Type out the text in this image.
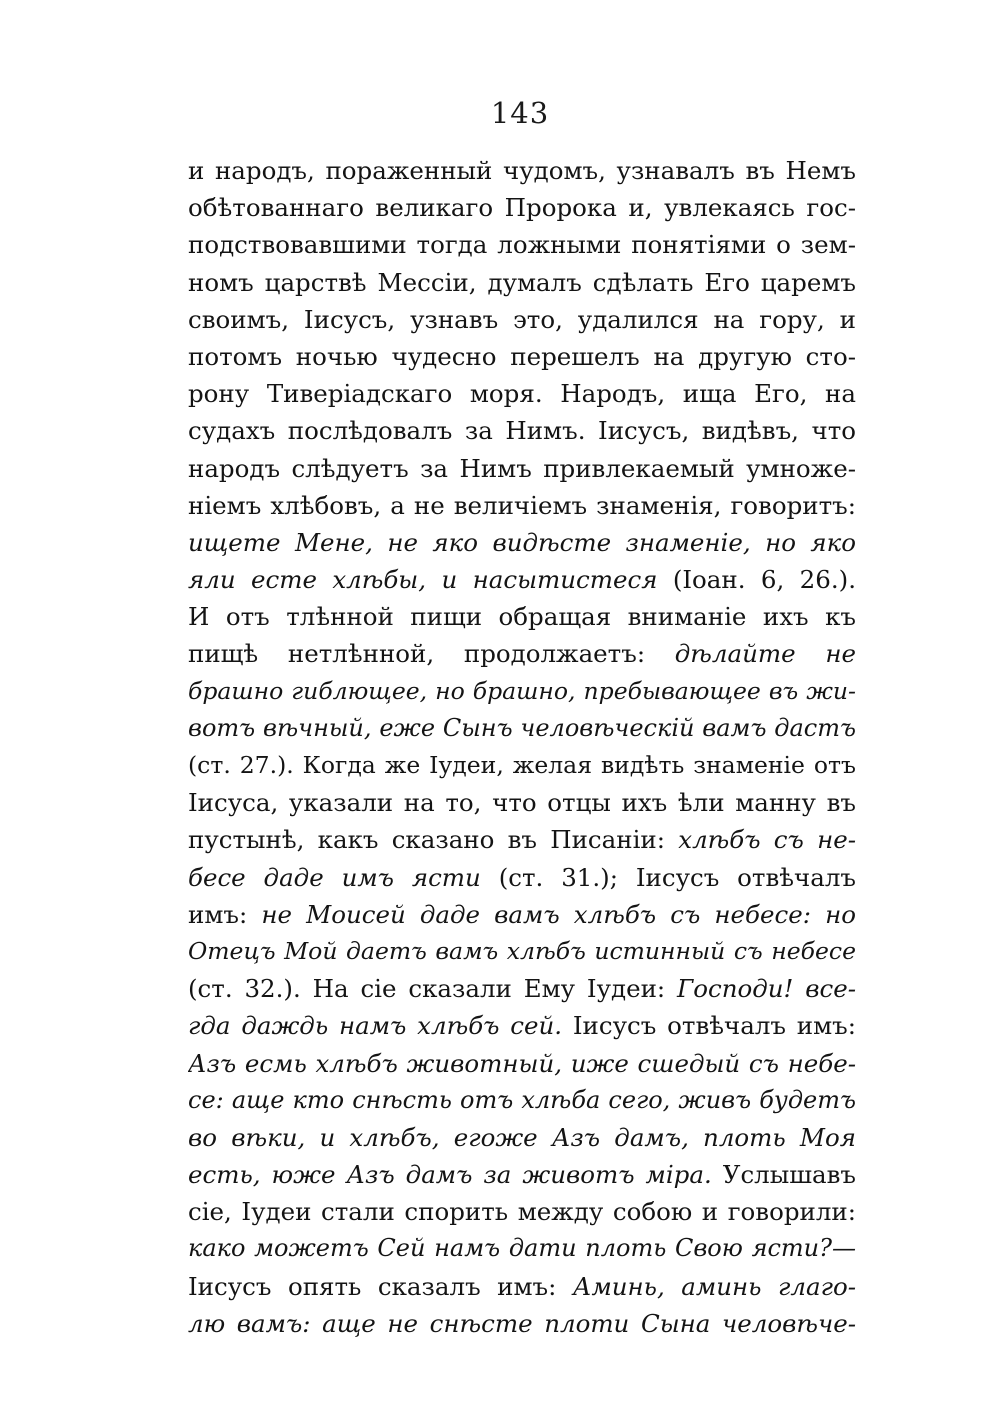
143
и народъ, пораженный чудомъ, узнавалъ въ Немъ
обѣтованнаго великаго Пророка и, увлекаясь гос-
подствовавшими тогда ложными понятіями о зем-
номъ царствѣ Мессіи, думалъ сдѣлать Его царемъ
своимъ, Іисусъ, узнавъ это, удалился на гору, и
потомъ ночью чудесно перешелъ на другую сто-
рону Тиверіадскаго моря. Народъ, ища Его, на
судахъ послѣдовалъ за Нимъ. Іисусъ, видѣвъ, что
народъ слѣдуетъ за Нимъ привлекаемый умноже-
ніемъ хлѣбовъ, а не величіемъ знаменія, говоритъ:
ищете Мене, не яко видѣсте знаменіе, но яко
яли есте хлѣбы, и насытистеся (Іоан. 6, 26.).
И отъ тлѣнной пищи обращая вниманіе ихъ къ
пищѣ нетлѣнной, продолжаетъ: дѣлайте не
брашно гиблющее, но брашно, пребывающее въ жи-
вотъ вѣчный, еже Сынъ человѣческій вамъ дастъ
(ст. 27.). Когда же Іудеи, желая видѣть знаменіе отъ
Іисуса, указали на то, что отцы ихъ ѣли манну въ
пустынѣ, какъ сказано въ Писаніи: хлѣбъ съ не-
бесе даде имъ ясти (ст. 31.); Іисусъ отвѣчалъ
имъ: не Моисей даде вамъ хлѣбъ съ небесе: но
Отецъ Мой даетъ вамъ хлѣбъ истинный съ небесе
(ст. 32.). На сіе сказали Ему Іудеи: Господи! все-
гда даждь намъ хлѣбъ сей. Іисусъ отвѣчалъ имъ:
Азъ есмь хлѣбъ животный, иже сшедый съ небе-
се: аще кто снѣсть отъ хлѣба сего, живъ будетъ
во вѣки, и хлѣбъ, егоже Азъ дамъ, плоть Моя
есть, юже Азъ дамъ за животъ міра. Услышавъ
сіе, Іудеи стали спорить между собою и говорили:
како можетъ Сей намъ дати плоть Свою ясти?—
Іисусъ опять сказалъ имъ: Аминь, аминь глаго-
лю вамъ: аще не снѣсте плоти Сына человѣче-
